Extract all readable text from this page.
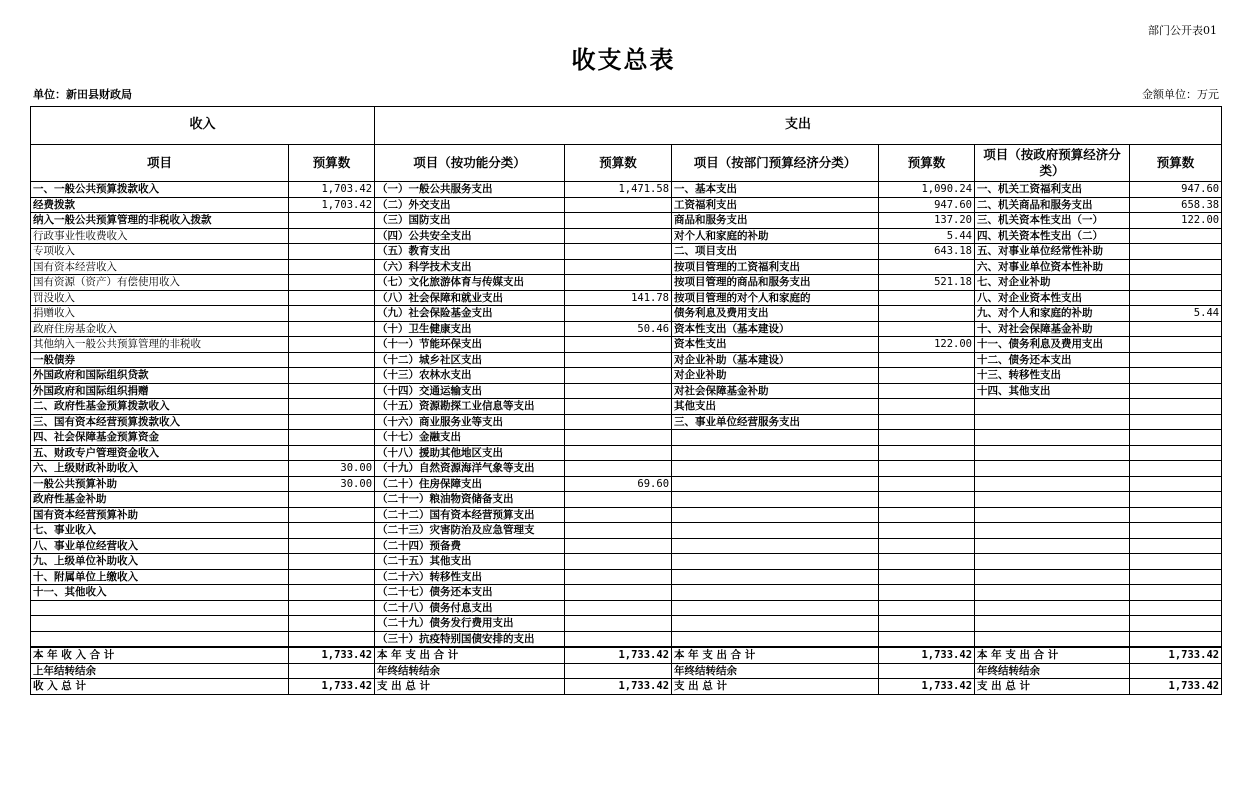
部门公开表01
收支总表
单位：新田县财政局	金额单位：万元
收入		支出					
项目	预算数	项目（按功能分类）	预算数	项目（按部门预算经济分类）	预算数	项目（按政府预算经济分类）	预算数
一、一般公共预算拨款收入	1,703.42	（一）一般公共服务支出	1,471.58	一、基本支出	1,090.24	一、机关工资福利支出	947.60
经费拨款	1,703.42	（二）外交支出		工资福利支出	947.60	二、机关商品和服务支出	658.38
纳入一般公共预算管理的非税收入拨款		（三）国防支出		商品和服务支出	137.20	三、机关资本性支出（一）	122.00
行政事业性收费收入		（四）公共安全支出		对个人和家庭的补助	5.44	四、机关资本性支出（二）	
专项收入		（五）教育支出		二、项目支出	643.18	五、对事业单位经常性补助	
国有资本经营收入		（六）科学技术支出		按项目管理的工资福利支出		六、对事业单位资本性补助	
国有资源（资产）有偿使用收入		（七）文化旅游体育与传媒支出		按项目管理的商品和服务支出	521.18	七、对企业补助	
罚没收入		（八）社会保障和就业支出	141.78	按项目管理的对个人和家庭的		八、对企业资本性支出	
捐赠收入		（九）社会保险基金支出		债务利息及费用支出		九、对个人和家庭的补助	5.44
政府住房基金收入		（十）卫生健康支出	50.46	资本性支出（基本建设）		十、对社会保障基金补助	
其他纳入一般公共预算管理的非税收		（十一）节能环保支出		资本性支出	122.00	十一、债务利息及费用支出	
一般债券		（十二）城乡社区支出		对企业补助（基本建设）		十二、债务还本支出	
外国政府和国际组织贷款		（十三）农林水支出		对企业补助		十三、转移性支出	
外国政府和国际组织捐赠		（十四）交通运输支出		对社会保障基金补助		十四、其他支出	
二、政府性基金预算拨款收入		（十五）资源勘探工业信息等支出		其他支出			
三、国有资本经营预算拨款收入		（十六）商业服务业等支出		三、事业单位经营服务支出			
四、社会保障基金预算资金		（十七）金融支出					
五、财政专户管理资金收入		（十八）援助其他地区支出					
六、上级财政补助收入	30.00	（十九）自然资源海洋气象等支出					
一般公共预算补助	30.00	（二十）住房保障支出	69.60				
政府性基金补助		（二十一）粮油物资储备支出					
国有资本经营预算补助		（二十二）国有资本经营预算支出					
七、事业收入		（二十三）灾害防治及应急管理支					
八、事业单位经营收入		（二十四）预备费					
九、上级单位补助收入		（二十五）其他支出					
十、附属单位上缴收入		（二十六）转移性支出					
十一、其他收入		（二十七）债务还本支出					
		（二十八）债务付息支出					
		（二十九）债务发行费用支出					
		（三十）抗疫特别国债安排的支出					
本 年 收 入 合 计	1,733.42	本 年 支 出 合 计	1,733.42	本 年 支 出 合 计	1,733.42	本 年 支 出 合 计	1,733.42
上年结转结余		年终结转结余		年终结转结余		年终结转结余	
收 入 总 计	1,733.42	支 出 总 计	1,733.42	支 出 总 计	1,733.42	支 出 总 计	1,733.42
